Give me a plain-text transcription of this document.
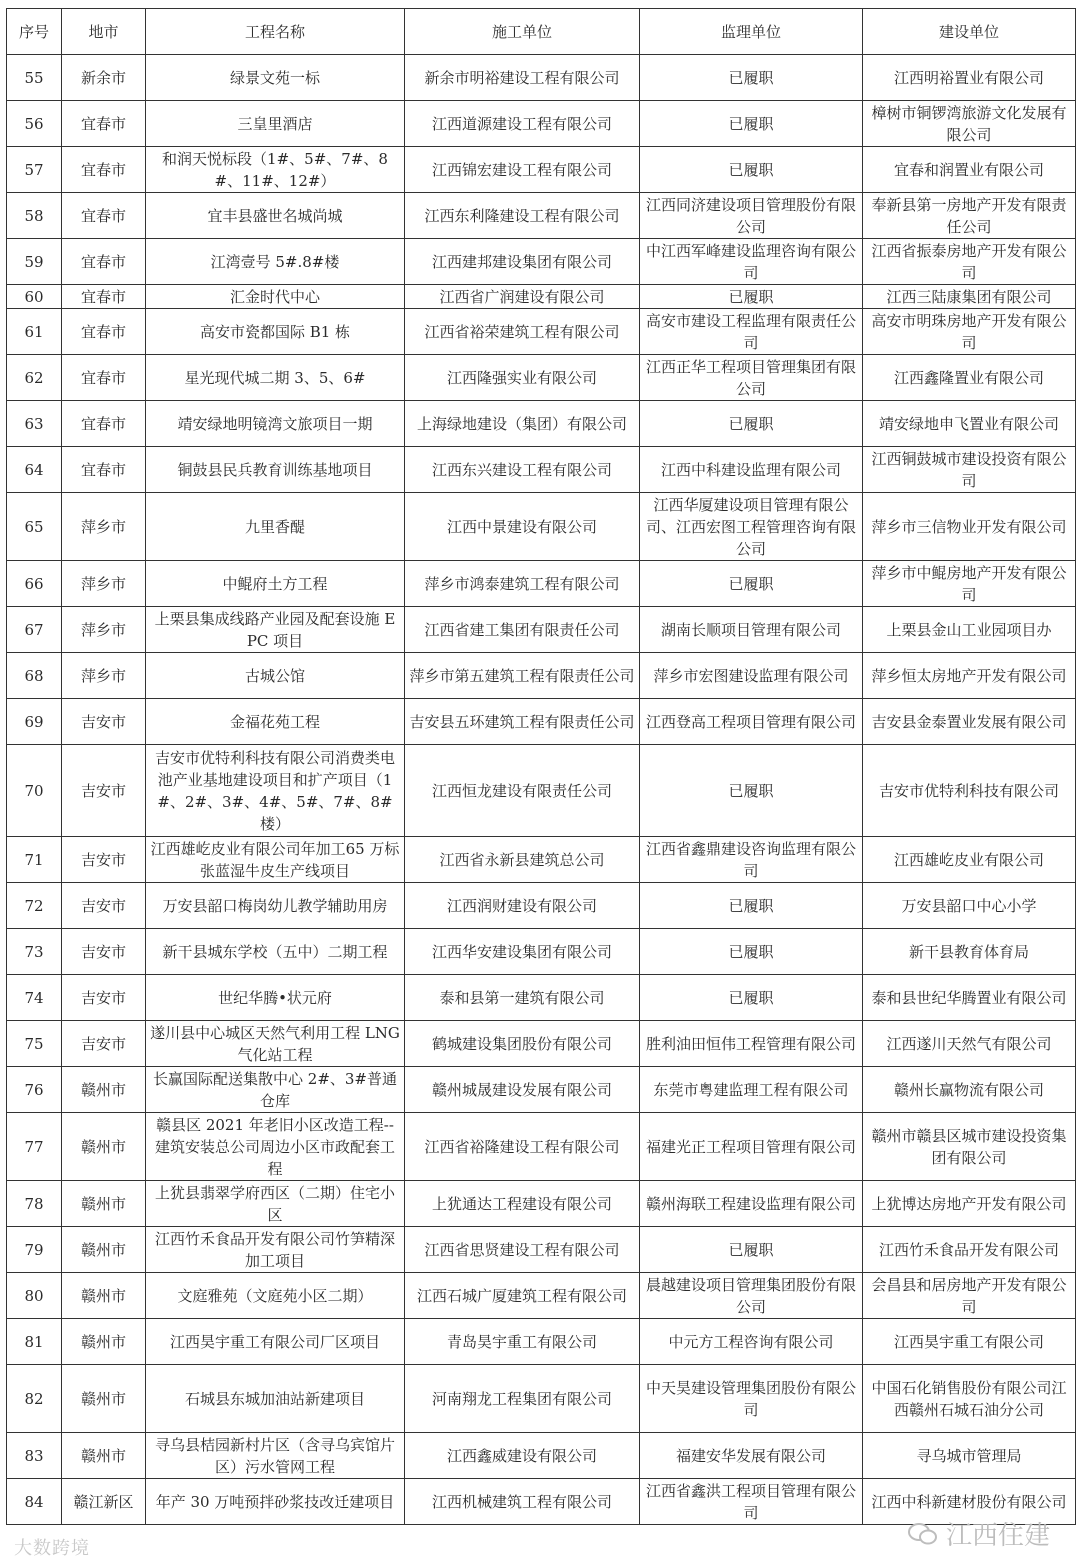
序号	地市	工程名称	施工单位	监理单位	建设单位
55	新余市	绿景文苑一标	新余市明裕建设工程有限公司	已履职	江西明裕置业有限公司
56	宜春市	三皇里酒店	江西道源建设工程有限公司	已履职	樟树市铜锣湾旅游文化发展有限公司
57	宜春市	和润天悦标段（1#、5#、7#、8#、11#、12#）	江西锦宏建设工程有限公司	已履职	宜春和润置业有限公司
58	宜春市	宜丰县盛世名城尚城	江西东利隆建设工程有限公司	江西同济建设项目管理股份有限公司	奉新县第一房地产开发有限责任公司
59	宜春市	江湾壹号 5#.8#楼	江西建邦建设集团有限公司	中江西军峰建设监理咨询有限公司	江西省振泰房地产开发有限公司
60	宜春市	汇金时代中心	江西省广润建设有限公司	已履职	江西三陆康集团有限公司
61	宜春市	高安市瓷都国际 B1 栋	江西省裕荣建筑工程有限公司	高安市建设工程监理有限责任公司	高安市明珠房地产开发有限公司
62	宜春市	星光现代城二期 3、5、6#	江西隆强实业有限公司	江西正华工程项目管理集团有限公司	江西鑫隆置业有限公司
63	宜春市	靖安绿地明镜湾文旅项目一期	上海绿地建设（集团）有限公司	已履职	靖安绿地申飞置业有限公司
64	宜春市	铜鼓县民兵教育训练基地项目	江西东兴建设工程有限公司	江西中科建设监理有限公司	江西铜鼓城市建设投资有限公司
65	萍乡市	九里香醍	江西中景建设有限公司	江西华厦建设项目管理有限公司、江西宏图工程管理咨询有限公司	萍乡市三信物业开发有限公司
66	萍乡市	中鲲府土方工程	萍乡市鸿泰建筑工程有限公司	已履职	萍乡市中鲲房地产开发有限公司
67	萍乡市	上栗县集成线路产业园及配套设施 EPC 项目	江西省建工集团有限责任公司	湖南长顺项目管理有限公司	上栗县金山工业园项目办
68	萍乡市	古城公馆	萍乡市第五建筑工程有限责任公司	萍乡市宏图建设监理有限公司	萍乡恒太房地产开发有限公司
69	吉安市	金福花苑工程	吉安县五环建筑工程有限责任公司	江西登高工程项目管理有限公司	吉安县金泰置业发展有限公司
70	吉安市	吉安市优特利科技有限公司消费类电池产业基地建设项目和扩产项目（1#、2#、3#、4#、5#、7#、8#楼）	江西恒龙建设有限责任公司	已履职	吉安市优特利科技有限公司
71	吉安市	江西雄屹皮业有限公司年加工65 万标张蓝湿牛皮生产线项目	江西省永新县建筑总公司	江西省鑫鼎建设咨询监理有限公司	江西雄屹皮业有限公司
72	吉安市	万安县韶口梅岗幼儿教学辅助用房	江西润财建设有限公司	已履职	万安县韶口中心小学
73	吉安市	新干县城东学校（五中）二期工程	江西华安建设集团有限公司	已履职	新干县教育体育局
74	吉安市	世纪华腾•状元府	泰和县第一建筑有限公司	已履职	泰和县世纪华腾置业有限公司
75	吉安市	遂川县中心城区天然气利用工程 LNG 气化站工程	鹤城建设集团股份有限公司	胜利油田恒伟工程管理有限公司	江西遂川天然气有限公司
76	赣州市	长赢国际配送集散中心 2#、3#普通仓库	赣州城晟建设发展有限公司	东莞市粤建监理工程有限公司	赣州长赢物流有限公司
77	赣州市	赣县区 2021 年老旧小区改造工程--建筑安装总公司周边小区市政配套工程	江西省裕隆建设工程有限公司	福建光正工程项目管理有限公司	赣州市赣县区城市建设投资集团有限公司
78	赣州市	上犹县翡翠学府西区（二期）住宅小区	上犹通达工程建设有限公司	赣州海联工程建设监理有限公司	上犹博达房地产开发有限公司
79	赣州市	江西竹禾食品开发有限公司竹笋精深加工项目	江西省思贤建设工程有限公司	已履职	江西竹禾食品开发有限公司
80	赣州市	文庭雅苑（文庭苑小区二期）	江西石城广厦建筑工程有限公司	晨越建设项目管理集团股份有限公司	会昌县和居房地产开发有限公司
81	赣州市	江西昊宇重工有限公司厂区项目	青岛昊宇重工有限公司	中元方工程咨询有限公司	江西昊宇重工有限公司
82	赣州市	石城县东城加油站新建项目	河南翔龙工程集团有限公司	中天昊建设管理集团股份有限公司	中国石化销售股份有限公司江西赣州石城石油分公司
83	赣州市	寻乌县桔园新村片区（含寻乌宾馆片区）污水管网工程	江西鑫威建设有限公司	福建安华发展有限公司	寻乌城市管理局
84	赣江新区	年产 30 万吨预拌砂浆技改迁建项目	江西机械建筑工程有限公司	江西省鑫洪工程项目管理有限公司	江西中科新建材股份有限公司
大数跨境	江西住建
